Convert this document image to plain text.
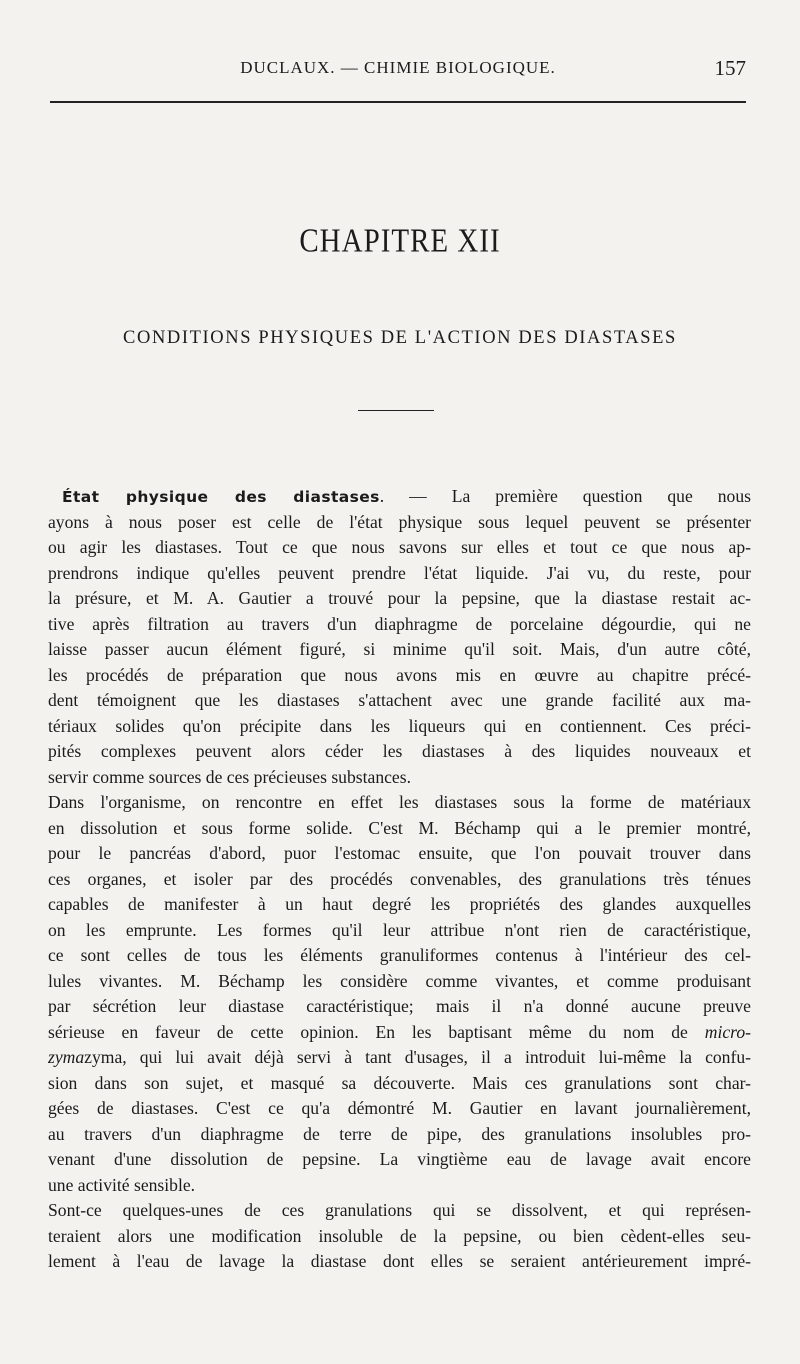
DUCLAUX. — CHIMIE BIOLOGIQUE.	157
CHAPITRE XII
CONDITIONS PHYSIQUES DE L'ACTION DES DIASTASES
État physique des diastases. — La première question que nous
ayons à nous poser est celle de l'état physique sous lequel peuvent se présenter
ou agir les diastases. Tout ce que nous savons sur elles et tout ce que nous ap-
prendrons indique qu'elles peuvent prendre l'état liquide. J'ai vu, du reste, pour
la présure, et M. A. Gautier a trouvé pour la pepsine, que la diastase restait ac-
tive après filtration au travers d'un diaphragme de porcelaine dégourdie, qui ne
laisse passer aucun élément figuré, si minime qu'il soit. Mais, d'un autre côté,
les procédés de préparation que nous avons mis en œuvre au chapitre précé-
dent témoignent que les diastases s'attachent avec une grande facilité aux ma-
tériaux solides qu'on précipite dans les liqueurs qui en contiennent. Ces préci-
pités complexes peuvent alors céder les diastases à des liquides nouveaux et
servir comme sources de ces précieuses substances.
Dans l'organisme, on rencontre en effet les diastases sous la forme de matériaux
en dissolution et sous forme solide. C'est M. Béchamp qui a le premier montré,
pour le pancréas d'abord, puor l'estomac ensuite, que l'on pouvait trouver dans
ces organes, et isoler par des procédés convenables, des granulations très ténues
capables de manifester à un haut degré les propriétés des glandes auxquelles
on les emprunte. Les formes qu'il leur attribue n'ont rien de caractéristique,
ce sont celles de tous les éléments granuliformes contenus à l'intérieur des cel-
lules vivantes. M. Béchamp les considère comme vivantes, et comme produisant
par sécrétion leur diastase caractéristique; mais il n'a donné aucune preuve
sérieuse en faveur de cette opinion. En les baptisant même du nom de micro-
zymazyma, qui lui avait déjà servi à tant d'usages, il a introduit lui-même la confu-
sion dans son sujet, et masqué sa découverte. Mais ces granulations sont char-
gées de diastases. C'est ce qu'a démontré M. Gautier en lavant journalièrement,
au travers d'un diaphragme de terre de pipe, des granulations insolubles pro-
venant d'une dissolution de pepsine. La vingtième eau de lavage avait encore
une activité sensible.
Sont-ce quelques-unes de ces granulations qui se dissolvent, et qui représen-
teraient alors une modification insoluble de la pepsine, ou bien cèdent-elles seu-
lement à l'eau de lavage la diastase dont elles se seraient antérieurement impré-
